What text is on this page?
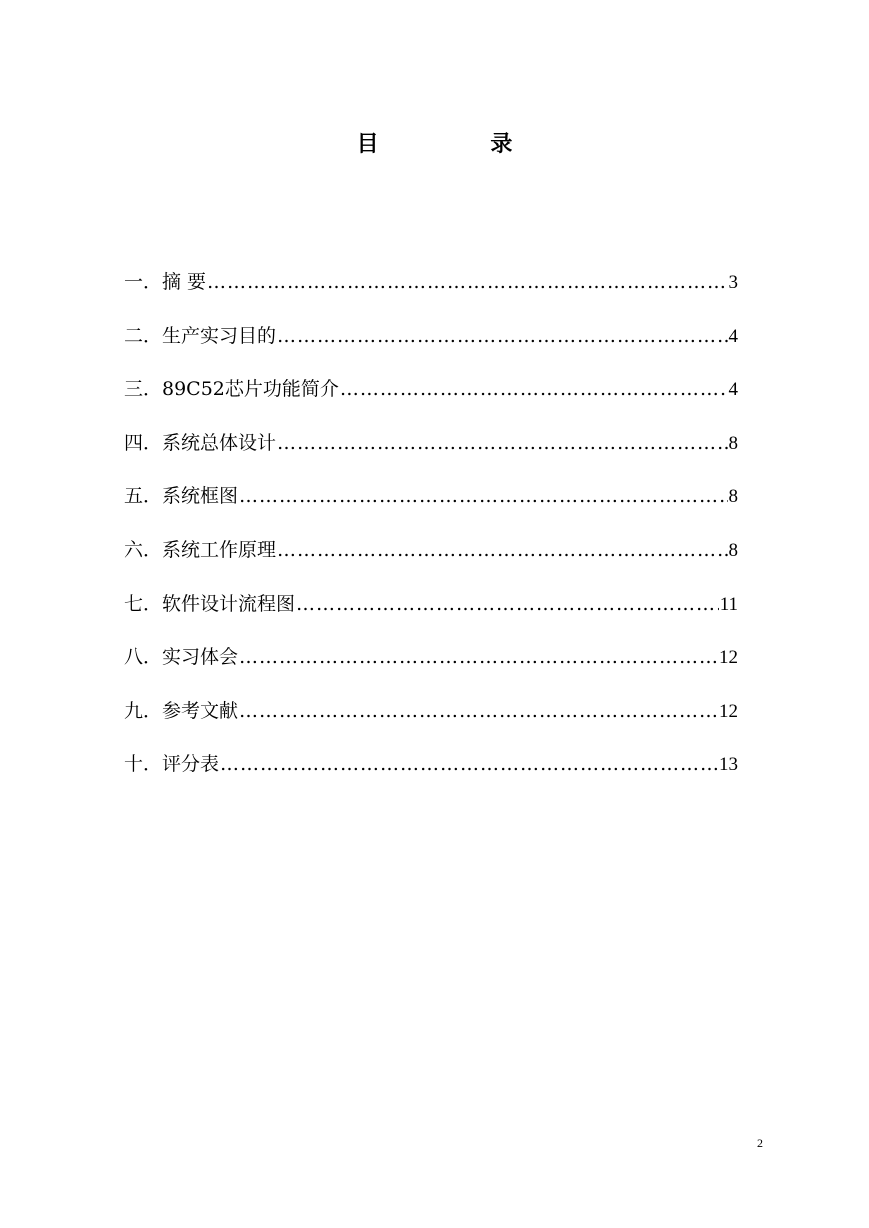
目 录
一．摘 要 ……………………………………………………………………………………………………………………………………………………………………	3
二．生产实习目的 ……………………………………………………………………………………………………………………………………………………………………	4
三．89C52芯片功能简介 ……………………………………………………………………………………………………………………………………………………………………	4
四．系统总体设计 ……………………………………………………………………………………………………………………………………………………………………	8
五．系统框图 ……………………………………………………………………………………………………………………………………………………………………	8
六．系统工作原理 ……………………………………………………………………………………………………………………………………………………………………	8
七．软件设计流程图 ……………………………………………………………………………………………………………………………………………………………………	11
八．实习体会 ……………………………………………………………………………………………………………………………………………………………………	12
九．参考文献 ……………………………………………………………………………………………………………………………………………………………………	12
十．评分表 ……………………………………………………………………………………………………………………………………………………………………	13
2
